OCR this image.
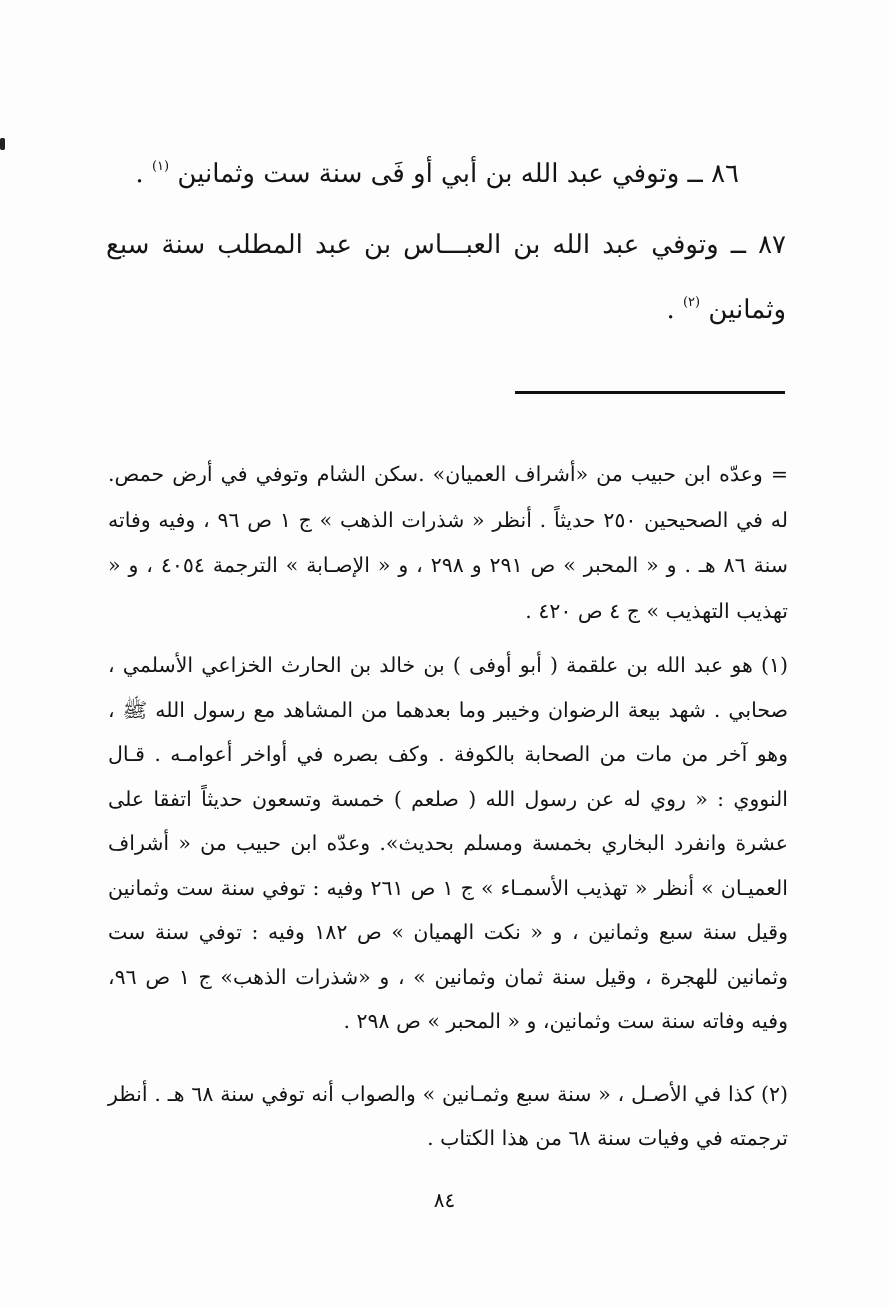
٨٦ ــ وتوفي عبد الله بن أبي أو فَى سنة ست وثمانين $^{(١)}$ .

٨٧ ــ وتوفي عبد الله بن العبـــاس بن عبد المطلب سنة سبع وثمانين $^{(٢)}$ .

= وعدّه ابن حبيب من «أشراف العميان» .سكن الشام وتوفي في أرض حمص. له في الصحيحين ٢٥٠ حديثاً . أنظر « شذرات الذهب » ج ١ ص ٩٦ ، وفيه وفاته سنة ٨٦ هـ . و « المحبر » ص ٢٩١ و ٢٩٨ ، و « الإصـابة » الترجمة ٤٠٥٤ ، و « تهذيب التهذيب » ج ٤ ص ٤٢٠ .

(١) هو عبد الله بن علقمة ( أبو أوفى ) بن خالد بن الحارث الخزاعي الأسلمي ، صحابي . شهد بيعة الرضوان وخيبر وما بعدهما من المشاهد مع رسول الله ﷺ ، وهو آخر من مات من الصحابة بالكوفة . وكف بصره في أواخر أعوامـه . قـال النووي : « روي له عن رسول الله ( صلعم ) خمسة وتسعون حديثاً اتفقا على عشرة وانفرد البخاري بخمسة ومسلم بحديث». وعدّه ابن حبيب من « أشراف العميـان » أنظر « تهذيب الأسمـاء » ج ١ ص ٢٦١ وفيه : توفي سنة ست وثمانين وقيل سنة سبع وثمانين ، و « نكت الهميان » ص ١٨٢ وفيه : توفي سنة ست وثمانين للهجرة ، وقيل سنة ثمان وثمانين » ، و «شذرات الذهب» ج ١ ص ٩٦، وفيه وفاته سنة ست وثمانين، و « المحبر » ص ٢٩٨ .

(٢) كذا في الأصـل ، « سنة سبع وثمـانين » والصواب أنه توفي سنة ٦٨ هـ . أنظر ترجمته في وفيات سنة ٦٨ من هذا الكتاب .

٨٤
